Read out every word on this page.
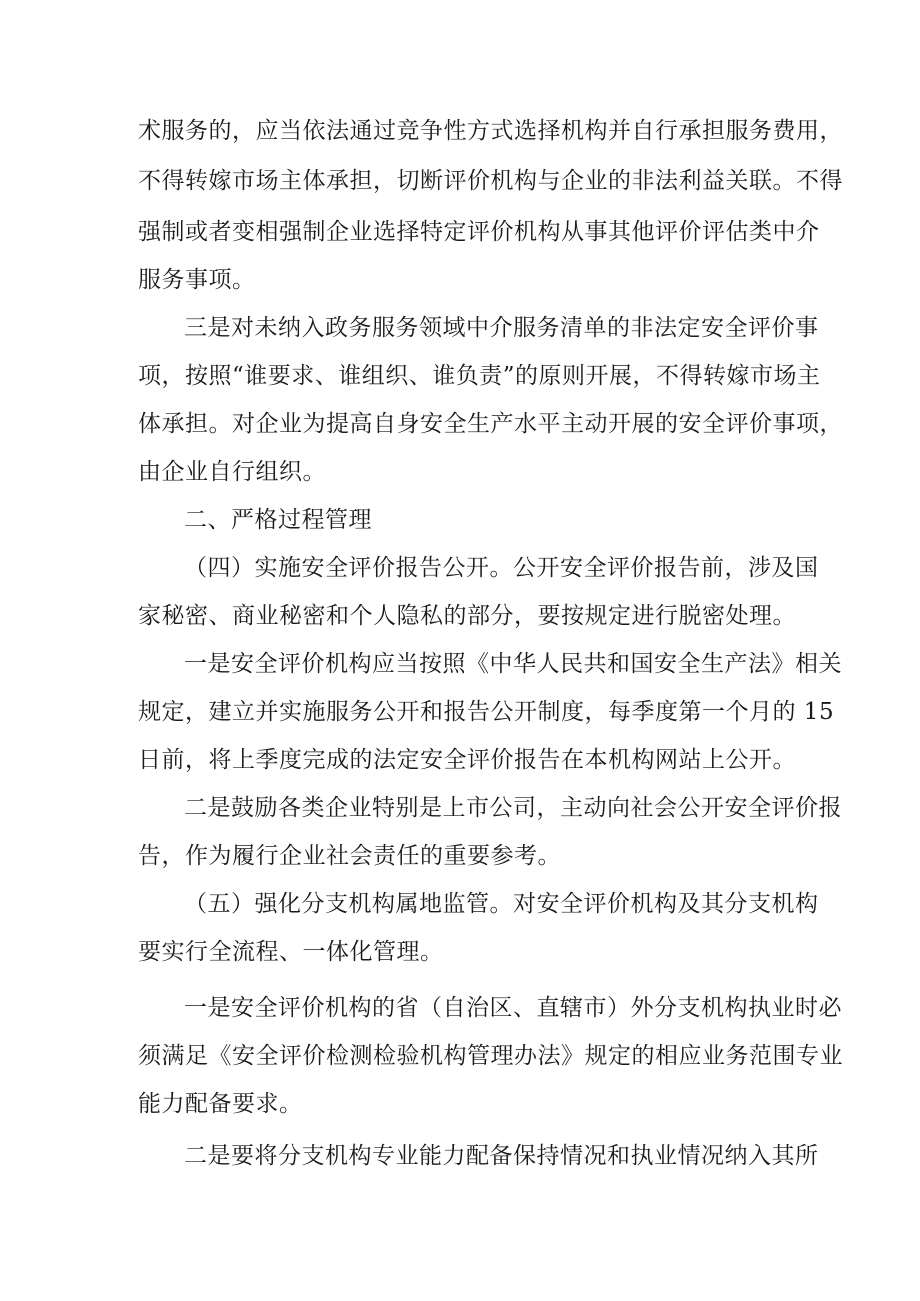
术服务的，应当依法通过竞争性方式选择机构并自行承担服务费用，
不得转嫁市场主体承担，切断评价机构与企业的非法利益关联。不得
强制或者变相强制企业选择特定评价机构从事其他评价评估类中介
服务事项。
三是对未纳入政务服务领域中介服务清单的非法定安全评价事
项，按照“谁要求、谁组织、谁负责”的原则开展，不得转嫁市场主
体承担。对企业为提高自身安全生产水平主动开展的安全评价事项，
由企业自行组织。
二、严格过程管理
（四）实施安全评价报告公开。公开安全评价报告前，涉及国
家秘密、商业秘密和个人隐私的部分，要按规定进行脱密处理。
一是安全评价机构应当按照《中华人民共和国安全生产法》相关
规定，建立并实施服务公开和报告公开制度，每季度第一个月的 15
日前，将上季度完成的法定安全评价报告在本机构网站上公开。
二是鼓励各类企业特别是上市公司，主动向社会公开安全评价报
告，作为履行企业社会责任的重要参考。
（五）强化分支机构属地监管。对安全评价机构及其分支机构
要实行全流程、一体化管理。
一是安全评价机构的省（自治区、直辖市）外分支机构执业时必
须满足《安全评价检测检验机构管理办法》规定的相应业务范围专业
能力配备要求。
二是要将分支机构专业能力配备保持情况和执业情况纳入其所
